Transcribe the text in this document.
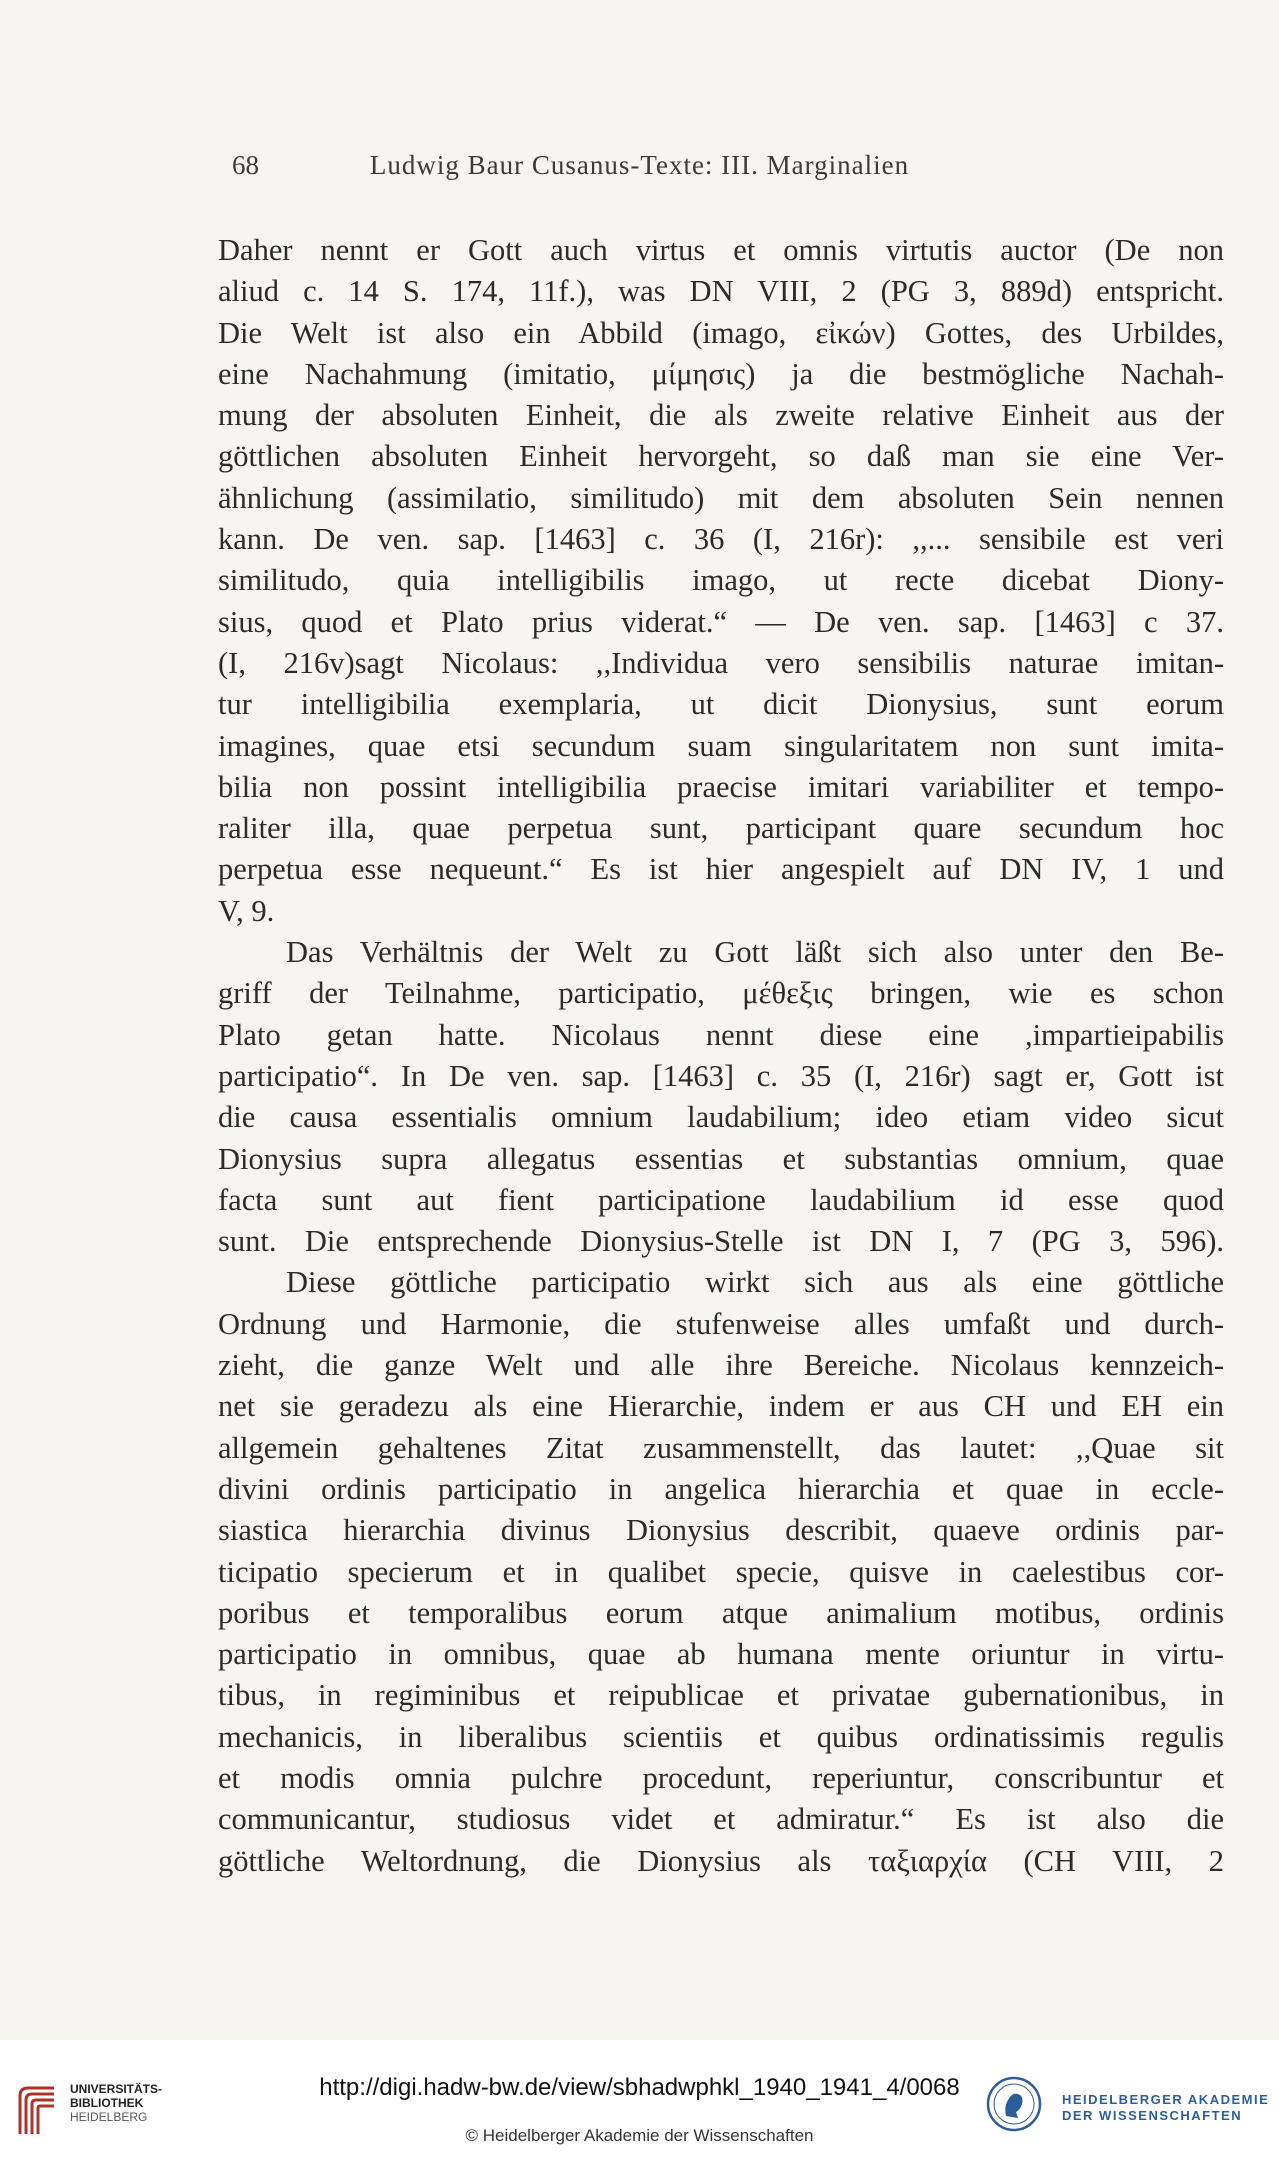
68	Ludwig Baur Cusanus-Texte: III. Marginalien
Daher nennt er Gott auch virtus et omnis virtutis auctor (De non
aliud c. 14 S. 174, 11f.), was DN VIII, 2 (PG 3, 889d) entspricht.
Die Welt ist also ein Abbild (imago, εἰκών) Gottes, des Urbildes,
eine Nachahmung (imitatio, μίμησις) ja die bestmögliche Nachah-
mung der absoluten Einheit, die als zweite relative Einheit aus der
göttlichen absoluten Einheit hervorgeht, so daß man sie eine Ver-
ähnlichung (assimilatio, similitudo) mit dem absoluten Sein nennen
kann. De ven. sap. [1463] c. 36 (I, 216r): ,,... sensibile est veri
similitudo, quia intelligibilis imago, ut recte dicebat Diony-
sius, quod et Plato prius viderat.“ — De ven. sap. [1463] c 37.
(I, 216v)sagt Nicolaus: ,,Individua vero sensibilis naturae imitan-
tur intelligibilia exemplaria, ut dicit Dionysius, sunt eorum
imagines, quae etsi secundum suam singularitatem non sunt imita-
bilia non possint intelligibilia praecise imitari variabiliter et tempo-
raliter illa, quae perpetua sunt, participant quare secundum hoc
perpetua esse nequeunt.“ Es ist hier angespielt auf DN IV, 1 und
V, 9.
Das Verhältnis der Welt zu Gott läßt sich also unter den Be-
griff der Teilnahme, participatio, μέθεξις bringen, wie es schon
Plato getan hatte. Nicolaus nennt diese eine ,impartieipabilis
participatio“. In De ven. sap. [1463] c. 35 (I, 216r) sagt er, Gott ist
die causa essentialis omnium laudabilium; ideo etiam video sicut
Dionysius supra allegatus essentias et substantias omnium, quae
facta sunt aut fient participatione laudabilium id esse quod
sunt. Die entsprechende Dionysius-Stelle ist DN I, 7 (PG 3, 596).
Diese göttliche participatio wirkt sich aus als eine göttliche
Ordnung und Harmonie, die stufenweise alles umfaßt und durch-
zieht, die ganze Welt und alle ihre Bereiche. Nicolaus kennzeich-
net sie geradezu als eine Hierarchie, indem er aus CH und EH ein
allgemein gehaltenes Zitat zusammenstellt, das lautet: ,,Quae sit
divini ordinis participatio in angelica hierarchia et quae in eccle-
siastica hierarchia divinus Dionysius describit, quaeve ordinis par-
ticipatio specierum et in qualibet specie, quisve in caelestibus cor-
poribus et temporalibus eorum atque animalium motibus, ordinis
participatio in omnibus, quae ab humana mente oriuntur in virtu-
tibus, in regiminibus et reipublicae et privatae gubernationibus, in
mechanicis, in liberalibus scientiis et quibus ordinatissimis regulis
et modis omnia pulchre procedunt, reperiuntur, conscribuntur et
communicantur, studiosus videt et admiratur.“ Es ist also die
göttliche Weltordnung, die Dionysius als ταξιαρχία (CH VIII, 2
UNIVERSITÄTS-
BIBLIOTHEK
HEIDELBERG
http://digi.hadw-bw.de/view/sbhadwphkl_1940_1941_4/0068
© Heidelberger Akademie der Wissenschaften
HEIDELBERGER AKADEMIE
DER WISSENSCHAFTEN
